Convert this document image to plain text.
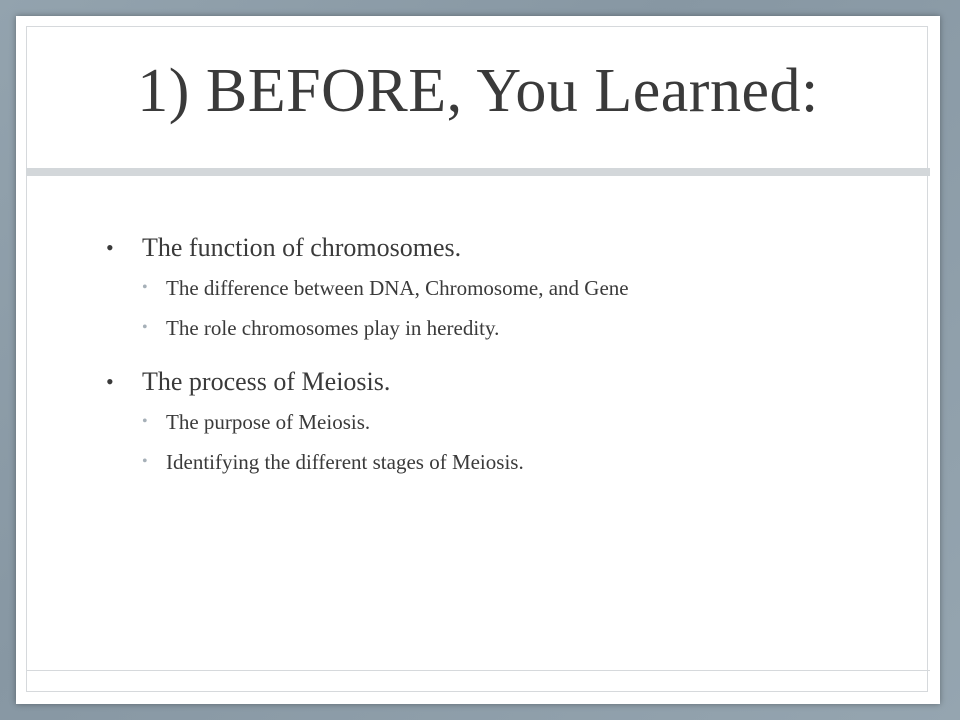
1) BEFORE, You Learned:
• The function of chromosomes.
• The difference between DNA, Chromosome, and Gene
• The role chromosomes play in heredity.
• The process of Meiosis.
• The purpose of Meiosis.
• Identifying the different stages of Meiosis.
